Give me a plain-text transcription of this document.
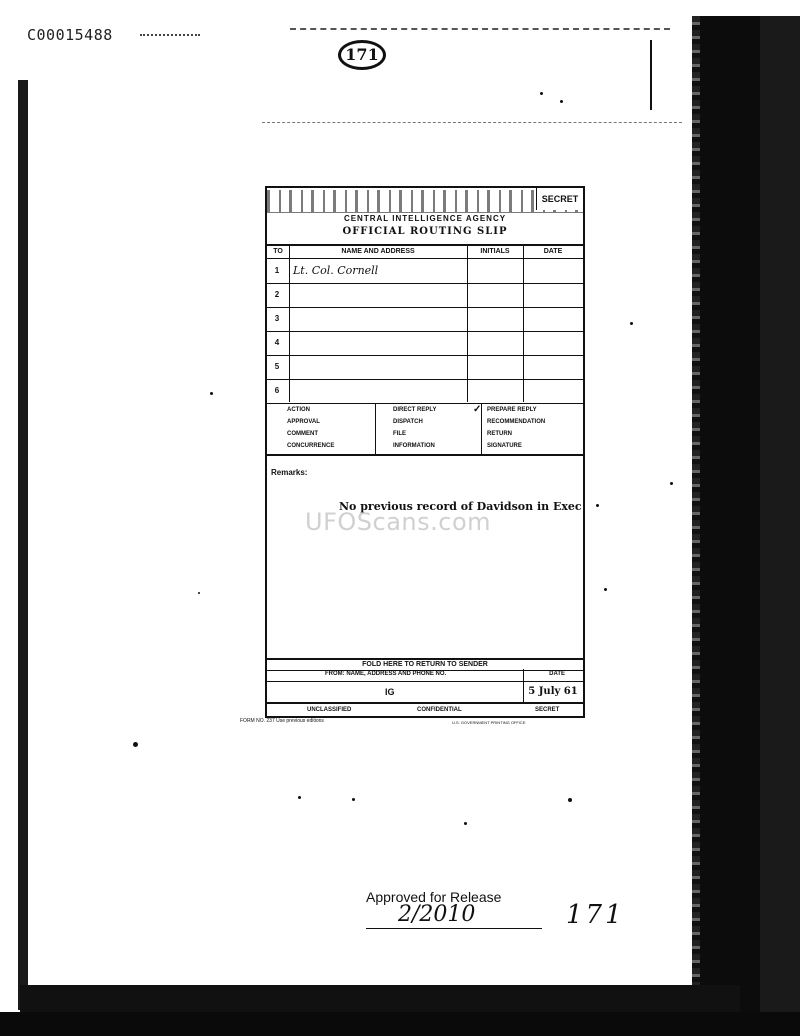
C00015488
171
SECRET
CENTRAL INTELLIGENCE AGENCY
OFFICIAL ROUTING SLIP
TO	NAME AND ADDRESS	INITIALS	DATE
1	Lt. Col. Cornell
2
3
4
5
6
ACTION	DIRECT REPLY	✓ PREPARE REPLY
APPROVAL	DISPATCH	RECOMMENDATION
COMMENT	FILE	RETURN
CONCURRENCE	INFORMATION	SIGNATURE
Remarks:
No previous record of Davidson in Exec
FOLD HERE TO RETURN TO SENDER
FROM: NAME, ADDRESS AND PHONE NO.	DATE
IG	5 July 61
UNCLASSIFIED	CONFIDENTIAL	SECRET
FORM NO. 237 Use previous editions	U.S. GOVERNMENT PRINTING OFFICE
UFOScans.com
Approved for Release
2/2010	171
